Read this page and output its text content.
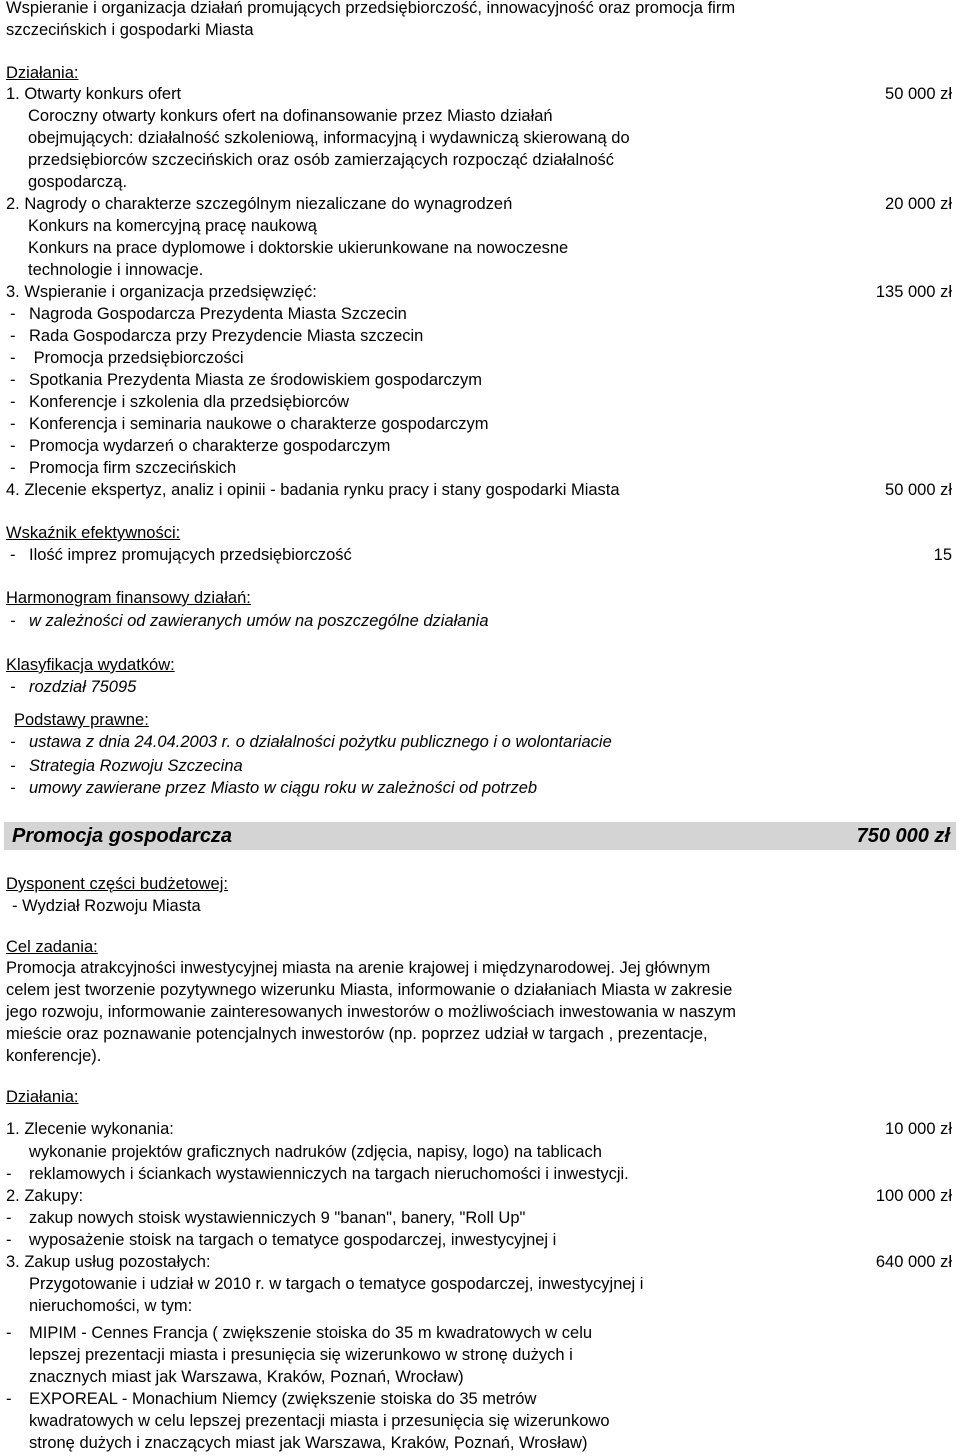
Wspieranie i organizacja działań promujących przedsiębiorczość, innowacyjność oraz promocja firm
szczecińskich i gospodarki Miasta
Działania:
1. Otwarty konkurs ofert	50 000 zł
Coroczny otwarty konkurs ofert na dofinansowanie przez Miasto działań
obejmujących: działalność szkoleniową, informacyjną i wydawniczą skierowaną do
przedsiębiorców szczecińskich oraz osób zamierzających rozpocząć działalność
gospodarczą.
2. Nagrody o charakterze szczególnym niezaliczane do wynagrodzeń	20 000 zł
Konkurs na komercyjną pracę naukową
Konkurs na prace dyplomowe i doktorskie ukierunkowane na nowoczesne
technologie i innowacje.
3. Wspieranie i organizacja przedsięwzięć:	135 000 zł
- Nagroda Gospodarcza Prezydenta Miasta Szczecin
- Rada Gospodarcza przy Prezydencie Miasta szczecin
- Promocja przedsiębiorczości
- Spotkania Prezydenta Miasta ze środowiskiem gospodarczym
- Konferencje i szkolenia dla przedsiębiorców
- Konferencja i seminaria naukowe o charakterze gospodarczym
- Promocja wydarzeń o charakterze gospodarczym
- Promocja firm szczecińskich
4. Zlecenie ekspertyz, analiz i opinii - badania rynku pracy i stany gospodarki Miasta	50 000 zł
Wskaźnik efektywności:
- Ilość imprez promujących przedsiębiorczość	15
Harmonogram finansowy działań:
- w zależności od zawieranych umów na poszczególne działania
Klasyfikacja wydatków:
- rozdział 75095
Podstawy prawne:
- ustawa z dnia 24.04.2003 r. o działalności pożytku publicznego i o wolontariacie
- Strategia Rozwoju Szczecina
- umowy zawierane przez Miasto w ciągu roku w zależności od potrzeb
Promocja gospodarcza	750 000 zł
Dysponent części budżetowej:
- Wydział Rozwoju Miasta
Cel zadania:
Promocja atrakcyjności inwestycyjnej miasta na arenie krajowej i międzynarodowej. Jej głównym
celem jest tworzenie pozytywnego wizerunku Miasta, informowanie o działaniach Miasta w zakresie
jego rozwoju, informowanie zainteresowanych inwestorów o możliwościach inwestowania w naszym
mieście oraz poznawanie potencjalnych inwestorów (np. poprzez udział w targach , prezentacje,
konferencje).
Działania:
1. Zlecenie wykonania:	10 000 zł
wykonanie projektów graficznych nadruków (zdjęcia, napisy, logo) na tablicach
- reklamowych i ściankach wystawienniczych na targach nieruchomości i inwestycji.
2. Zakupy:	100 000 zł
- zakup nowych stoisk wystawienniczych 9 "banan", banery, "Roll Up"
- wyposażenie stoisk na targach o tematyce gospodarczej, inwestycyjnej i
3. Zakup usług pozostałych:	640 000 zł
Przygotowanie i udział w 2010 r. w targach o tematyce gospodarczej, inwestycyjnej i
nieruchomości, w tym:
- MIPIM - Cennes Francja ( zwiększenie stoiska do 35 m kwadratowych w celu
lepszej prezentacji miasta i presunięcia się wizerunkowo w stronę dużych i
znacznych miast jak Warszawa, Kraków, Poznań, Wrocław)
- EXPOREAL - Monachium Niemcy (zwiększenie stoiska do 35 metrów
kwadratowych w celu lepszej prezentacji miasta i przesunięcia się wizerunkowo
stronę dużych i znaczących miast jak Warszawa, Kraków, Poznań, Wrosław)
